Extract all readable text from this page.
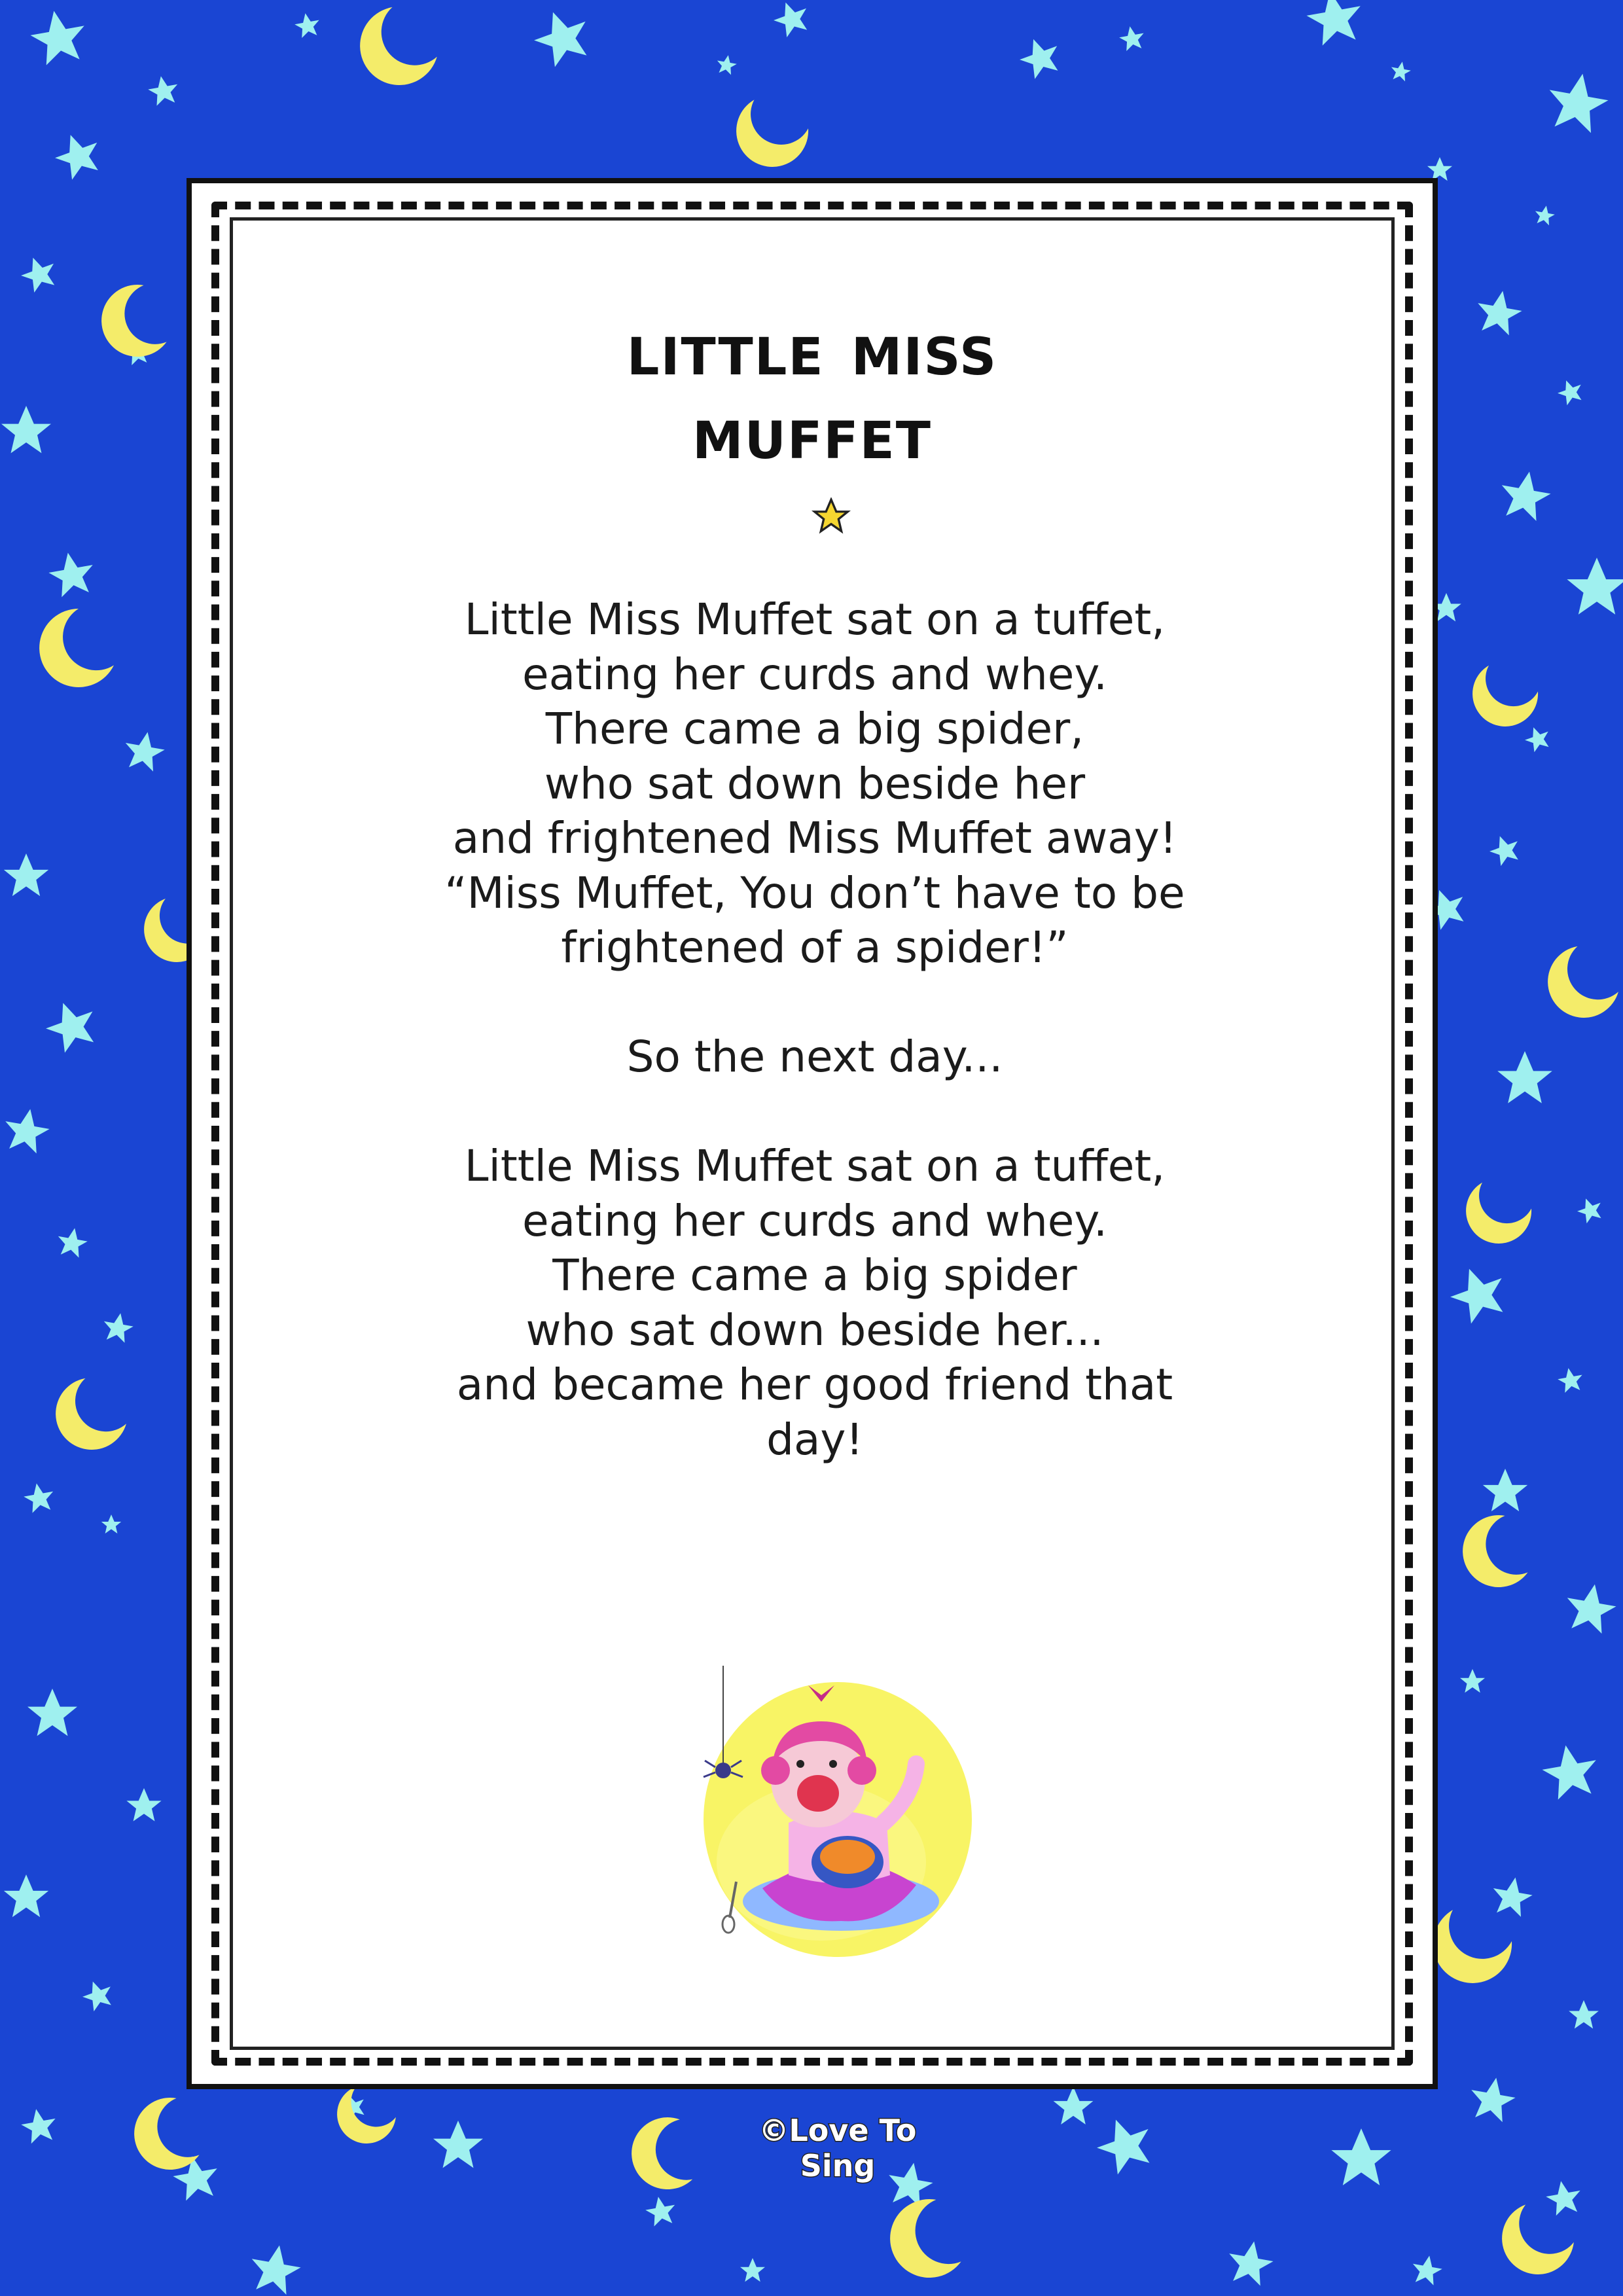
little miss
muffet
Little Miss Muffet sat on a tuffet,
eating her curds and whey.
There came a big spider,
who sat down beside her
and frightened Miss Muffet away!
“Miss Muffet, You don’t have to be
frightened of a spider!”
So the next day...
Little Miss Muffet sat on a tuffet,
eating her curds and whey.
There came a big spider
who sat down beside her...
and became her good friend that
day!
©Love To Sing
